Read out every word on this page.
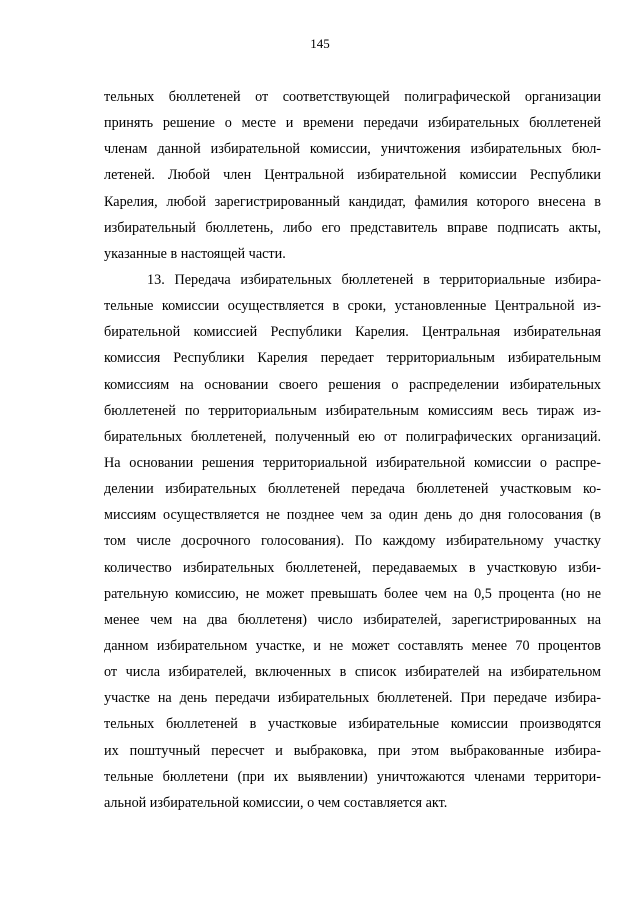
145
тельных бюллетеней от соответствующей полиграфической организации
принять решение о месте и времени передачи избирательных бюллетеней
членам данной избирательной комиссии, уничтожения избирательных бюл-
летеней. Любой член Центральной избирательной комиссии Республики
Карелия, любой зарегистрированный кандидат, фамилия которого внесена в
избирательный бюллетень, либо его представитель вправе подписать акты,
указанные в настоящей части.
13. Передача избирательных бюллетеней в территориальные избира-
тельные комиссии осуществляется в сроки, установленные Центральной из-
бирательной комиссией Республики Карелия. Центральная избирательная
комиссия Республики Карелия передает территориальным избирательным
комиссиям на основании своего решения о распределении избирательных
бюллетеней по территориальным избирательным комиссиям весь тираж из-
бирательных бюллетеней, полученный ею от полиграфических организаций.
На основании решения территориальной избирательной комиссии о распре-
делении избирательных бюллетеней передача бюллетеней участковым ко-
миссиям осуществляется не позднее чем за один день до дня голосования (в
том числе досрочного голосования). По каждому избирательному участку
количество избирательных бюллетеней, передаваемых в участковую изби-
рательную комиссию, не может превышать более чем на 0,5 процента (но не
менее чем на два бюллетеня) число избирателей, зарегистрированных на
данном избирательном участке, и не может составлять менее 70 процентов
от числа избирателей, включенных в список избирателей на избирательном
участке на день передачи избирательных бюллетеней. При передаче избира-
тельных бюллетеней в участковые избирательные комиссии производятся
их поштучный пересчет и выбраковка, при этом выбракованные избира-
тельные бюллетени (при их выявлении) уничтожаются членами территори-
альной избирательной комиссии, о чем составляется акт.
